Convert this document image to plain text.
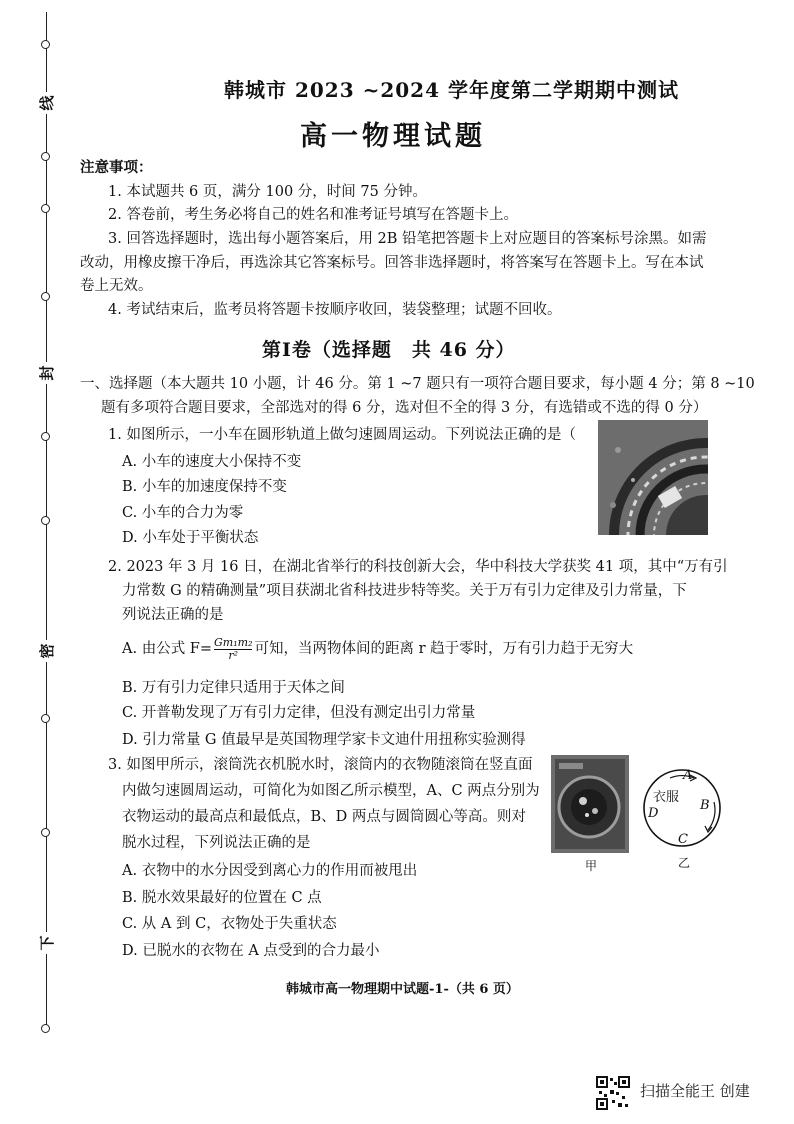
线
封
密
下
韩城市 2023 ~2024 学年度第二学期期中测试
高一物理试题
注意事项：
1. 本试题共 6 页，满分 100 分，时间 75 分钟。
2. 答卷前，考生务必将自己的姓名和准考证号填写在答题卡上。
3. 回答选择题时，选出每小题答案后，用 2B 铅笔把答题卡上对应题目的答案标号涂黑。如需
改动，用橡皮擦干净后，再选涂其它答案标号。回答非选择题时，将答案写在答题卡上。写在本试
卷上无效。
4. 考试结束后，监考员将答题卡按顺序收回，装袋整理；试题不回收。
第Ⅰ卷（选择题　共 46 分）
一、选择题（本大题共 10 小题，计 46 分。第 1 ~7 题只有一项符合题目要求，每小题 4 分；第 8 ~10
题有多项符合题目要求，全部选对的得 6 分，选对但不全的得 3 分，有选错或不选的得 0 分）
1. 如图所示，一小车在圆形轨道上做匀速圆周运动。下列说法正确的是（
A. 小车的速度大小保持不变
B. 小车的加速度保持不变
C. 小车的合力为零
D. 小车处于平衡状态
2. 2023 年 3 月 16 日，在湖北省举行的科技创新大会，华中科技大学获奖 41 项，其中“万有引
力常数 G 的精确测量”项目获湖北省科技进步特等奖。关于万有引力定律及引力常量，下
列说法正确的是
A. 由公式 $F= \frac{\text{Gm₁m₂}}{\text{r²}}$ 可知，当两物体间的距离 r 趋于零时，万有引力趋于无穷大
B. 万有引力定律只适用于天体之间
C. 开普勒发现了万有引力定律，但没有测定出引力常量
D. 引力常量 G 值最早是英国物理学家卡文迪什用扭称实验测得
3. 如图甲所示，滚筒洗衣机脱水时，滚筒内的衣物随滚筒在竖直面
内做匀速圆周运动，可简化为如图乙所示模型，A、C 两点分别为
衣物运动的最高点和最低点，B、D 两点与圆筒圆心等高。则对
脱水过程，下列说法正确的是
A. 衣物中的水分因受到离心力的作用而被甩出
B. 脱水效果最好的位置在 C 点
C. 从 A 到 C，衣物处于失重状态
D. 已脱水的衣物在 A 点受到的合力最小
甲
A
衣服
B
D
C
乙
韩城市高一物理期中试题-1-（共 6 页）
扫描全能王 创建
